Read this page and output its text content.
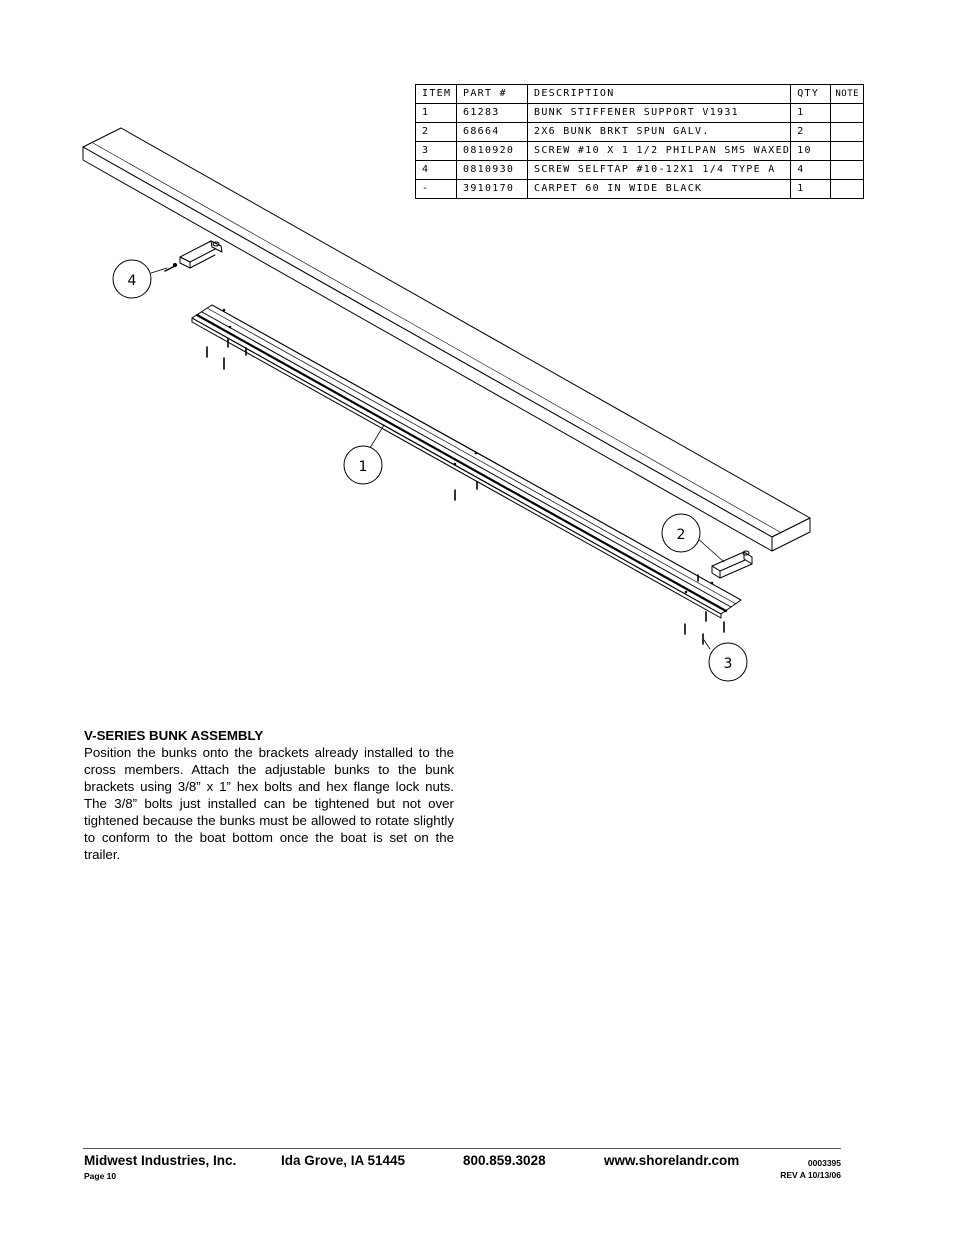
ITEM	PART #	DESCRIPTION	QTY	NOTE
1	61283	BUNK STIFFENER SUPPORT V1931	1	
2	68664	2X6 BUNK BRKT SPUN GALV.	2	
3	0810920	SCREW #10 X 1 1/2 PHILPAN SMS WAXED	10	
4	0810930	SCREW SELFTAP #10-12X1 1/4 TYPE A	4	
-	3910170	CARPET 60 IN WIDE BLACK	1	
4
1
2
3
V-SERIES BUNK ASSEMBLY

Position the bunks onto the brackets already installed to the cross members. Attach the adjustable bunks to the bunk brackets using 3/8” x 1” hex bolts and hex flange lock nuts. The 3/8” bolts just installed can be tightened but not over tightened because the bunks must be allowed to rotate slightly to conform to the boat bottom once the boat is set on the trailer.

Midwest Industries, Inc.	Ida Grove, IA 51445	800.859.3028	www.shorelandr.com
Page 10
0003395
REV A 10/13/06
